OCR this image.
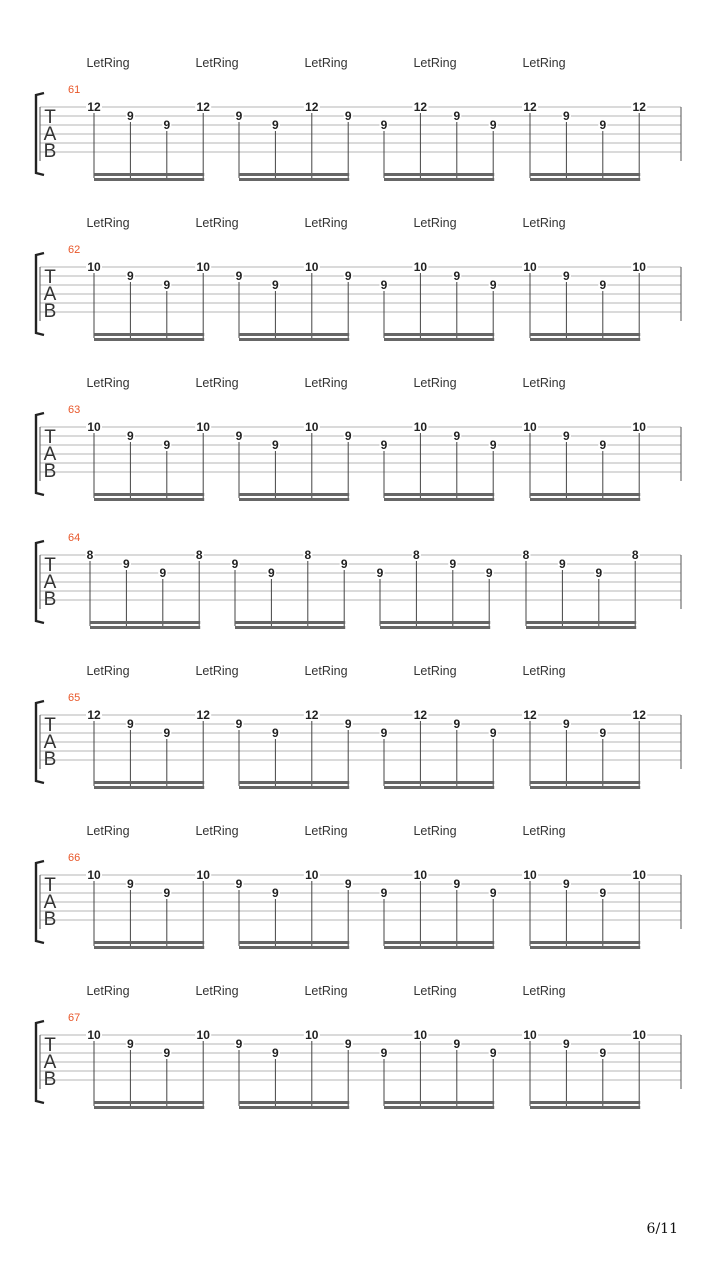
LetRing	LetRing	LetRing	LetRing	LetRing
61
T
A
B
12
9
9
12
9
9
12
9
9
12
9
9
12
9
9
12
LetRing	LetRing	LetRing	LetRing	LetRing
62
T
A
B
10
9
9
10
9
9
10
9
9
10
9
9
10
9
9
10
LetRing	LetRing	LetRing	LetRing	LetRing
63
T
A
B
10
9
9
10
9
9
10
9
9
10
9
9
10
9
9
10
64
T
A
B
8
9
9
8
9
9
8
9
9
8
9
9
8
9
9
8
LetRing	LetRing	LetRing	LetRing	LetRing
65
T
A
B
12
9
9
12
9
9
12
9
9
12
9
9
12
9
9
12
LetRing	LetRing	LetRing	LetRing	LetRing
66
T
A
B
10
9
9
10
9
9
10
9
9
10
9
9
10
9
9
10
LetRing	LetRing	LetRing	LetRing	LetRing
67
T
A
B
10
9
9
10
9
9
10
9
9
10
9
9
10
9
9
10
6/11
